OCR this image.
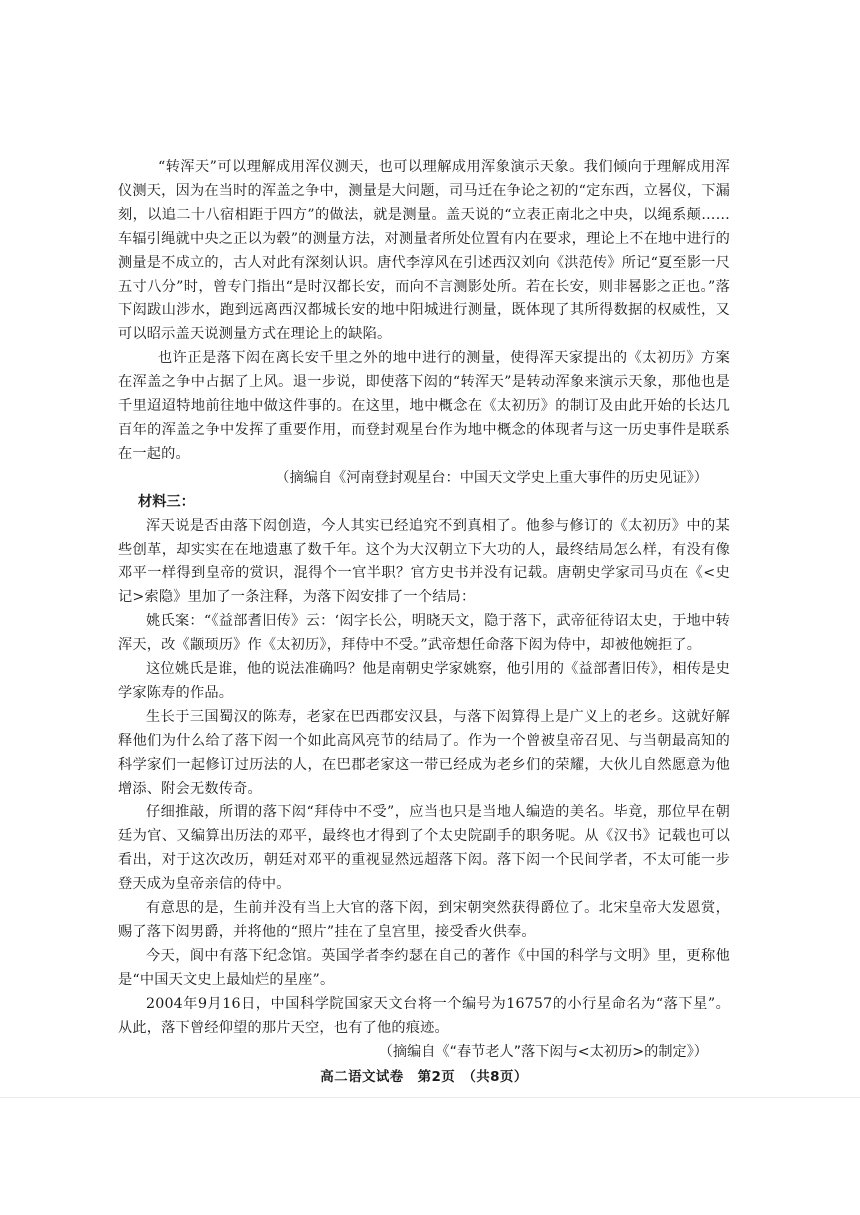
“转浑天”可以理解成用浑仪测天，也可以理解成用浑象演示天象。我们倾向于理解成用浑仪测天，因为在当时的浑盖之争中，测量是大问题，司马迁在争论之初的“定东西，立晷仪，下漏刻，以追二十八宿相距于四方”的做法，就是测量。盖天说的“立表正南北之中央，以绳系颠……车辐引绳就中央之正以为毂”的测量方法，对测量者所处位置有内在要求，理论上不在地中进行的测量是不成立的，古人对此有深刻认识。唐代李淳风在引述西汉刘向《洪范传》所记“夏至影一尺五寸八分”时，曾专门指出“是时汉都长安，而向不言测影处所。若在长安，则非晷影之正也。”落下闳跋山涉水，跑到远离西汉都城长安的地中阳城进行测量，既体现了其所得数据的权威性，又可以昭示盖天说测量方式在理论上的缺陷。

也许正是落下闳在离长安千里之外的地中进行的测量，使得浑天家提出的《太初历》方案在浑盖之争中占据了上风。退一步说，即使落下闳的“转浑天”是转动浑象来演示天象，那他也是千里迢迢特地前往地中做这件事的。在这里，地中概念在《太初历》的制订及由此开始的长达几百年的浑盖之争中发挥了重要作用，而登封观星台作为地中概念的体现者与这一历史事件是联系在一起的。

（摘编自《河南登封观星台：中国天文学史上重大事件的历史见证》）

材料三：

浑天说是否由落下闳创造，今人其实已经追究不到真相了。他参与修订的《太初历》中的某些创革，却实实在在地遗惠了数千年。这个为大汉朝立下大功的人，最终结局怎么样，有没有像邓平一样得到皇帝的赏识，混得个一官半职？官方史书并没有记载。唐朝史学家司马贞在《<史记>索隐》里加了一条注释，为落下闳安排了一个结局：

姚氏案：“《益部耆旧传》云：‘闳字长公，明晓天文，隐于落下，武帝征待诏太史，于地中转浑天，改《颛顼历》作《太初历》，拜侍中不受。”武帝想任命落下闳为侍中，却被他婉拒了。

这位姚氏是谁，他的说法准确吗？他是南朝史学家姚察，他引用的《益部耆旧传》，相传是史学家陈寿的作品。

生长于三国蜀汉的陈寿，老家在巴西郡安汉县，与落下闳算得上是广义上的老乡。这就好解释他们为什么给了落下闳一个如此高风亮节的结局了。作为一个曾被皇帝召见、与当朝最高知的科学家们一起修订过历法的人，在巴郡老家这一带已经成为老乡们的荣耀，大伙儿自然愿意为他增添、附会无数传奇。

仔细推敲，所谓的落下闳“拜侍中不受”，应当也只是当地人编造的美名。毕竟，那位早在朝廷为官、又编算出历法的邓平，最终也才得到了个太史院副手的职务呢。从《汉书》记载也可以看出，对于这次改历，朝廷对邓平的重视显然远超落下闳。落下闳一个民间学者，不太可能一步登天成为皇帝亲信的侍中。

有意思的是，生前并没有当上大官的落下闳，到宋朝突然获得爵位了。北宋皇帝大发恩赏，赐了落下闳男爵，并将他的“照片”挂在了皇宫里，接受香火供奉。

今天，阆中有落下纪念馆。英国学者李约瑟在自己的著作《中国的科学与文明》里，更称他是“中国天文史上最灿烂的星座”。

2004年9月16日，中国科学院国家天文台将一个编号为16757的小行星命名为“落下星”。从此，落下曾经仰望的那片天空，也有了他的痕迹。

（摘编自《“春节老人”落下闳与<太初历>的制定》）

高二语文试卷　第2页　（共8页）
